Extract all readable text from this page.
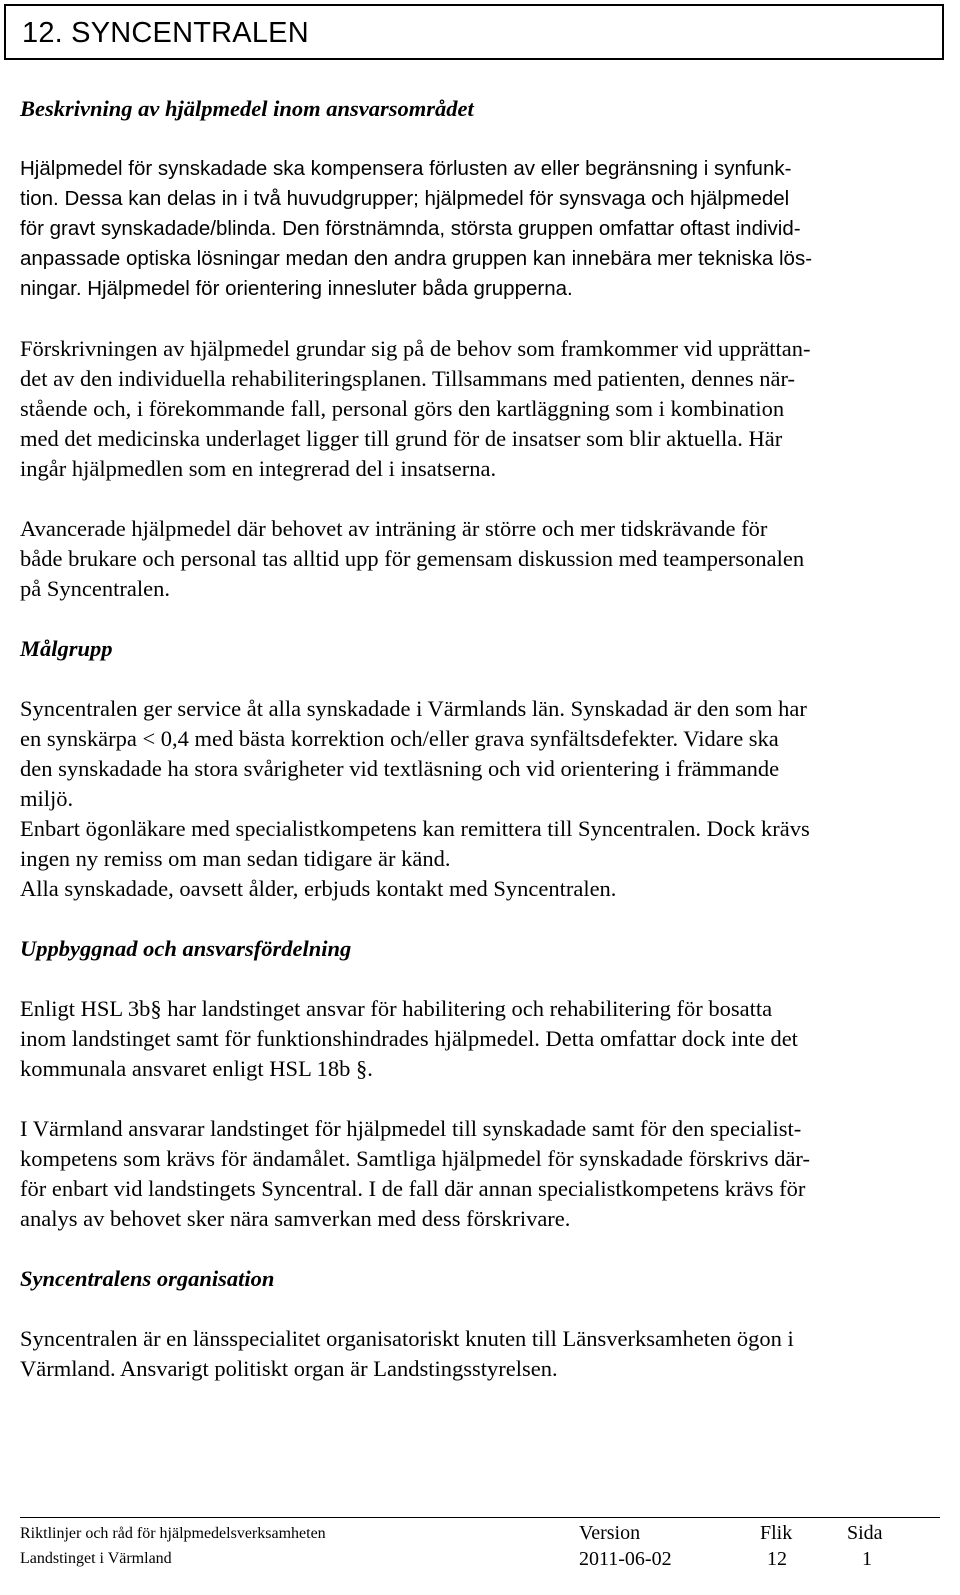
12. SYNCENTRALEN
Beskrivning av hjälpmedel inom ansvarsområdet

Hjälpmedel för synskadade ska kompensera förlusten av eller begränsning i synfunk-
tion. Dessa kan delas in i två huvudgrupper; hjälpmedel för synsvaga och hjälpmedel
för gravt synskadade/blinda. Den förstnämnda, största gruppen omfattar oftast individ-
anpassade optiska lösningar medan den andra gruppen kan innebära mer tekniska lös-
ningar. Hjälpmedel för orientering innesluter båda grupperna.

Förskrivningen av hjälpmedel grundar sig på de behov som framkommer vid upprättan-
det av den individuella rehabiliteringsplanen. Tillsammans med patienten, dennes när-
stående och, i förekommande fall, personal görs den kartläggning som i kombination
med det medicinska underlaget ligger till grund för de insatser som blir aktuella. Här
ingår hjälpmedlen som en integrerad del i insatserna.

Avancerade hjälpmedel där behovet av inträning är större och mer tidskrävande för
både brukare och personal tas alltid upp för gemensam diskussion med teampersonalen
på Syncentralen.

Målgrupp

Syncentralen ger service åt alla synskadade i Värmlands län. Synskadad är den som har
en synskärpa < 0,4 med bästa korrektion och/eller grava synfältsdefekter. Vidare ska
den synskadade ha stora svårigheter vid textläsning och vid orientering i främmande
miljö.
Enbart ögonläkare med specialistkompetens kan remittera till Syncentralen. Dock krävs
ingen ny remiss om man sedan tidigare är känd.
Alla synskadade, oavsett ålder, erbjuds kontakt med Syncentralen.

Uppbyggnad och ansvarsfördelning

Enligt HSL 3b§ har landstinget ansvar för habilitering och rehabilitering för bosatta
inom landstinget samt för funktionshindrades hjälpmedel. Detta omfattar dock inte det
kommunala ansvaret enligt HSL 18b §.

I Värmland ansvarar landstinget för hjälpmedel till synskadade samt för den specialist-
kompetens som krävs för ändamålet. Samtliga hjälpmedel för synskadade förskrivs där-
för enbart vid landstingets Syncentral. I de fall där annan specialistkompetens krävs för
analys av behovet sker nära samverkan med dess förskrivare.

Syncentralens organisation

Syncentralen är en länsspecialitet organisatoriskt knuten till Länsverksamheten ögon i
Värmland. Ansvarigt politiskt organ är Landstingsstyrelsen.

Riktlinjer och råd för hjälpmedelsverksamheten
Landstinget i Värmland
Version
2011-06-02
Flik
12
Sida
1
